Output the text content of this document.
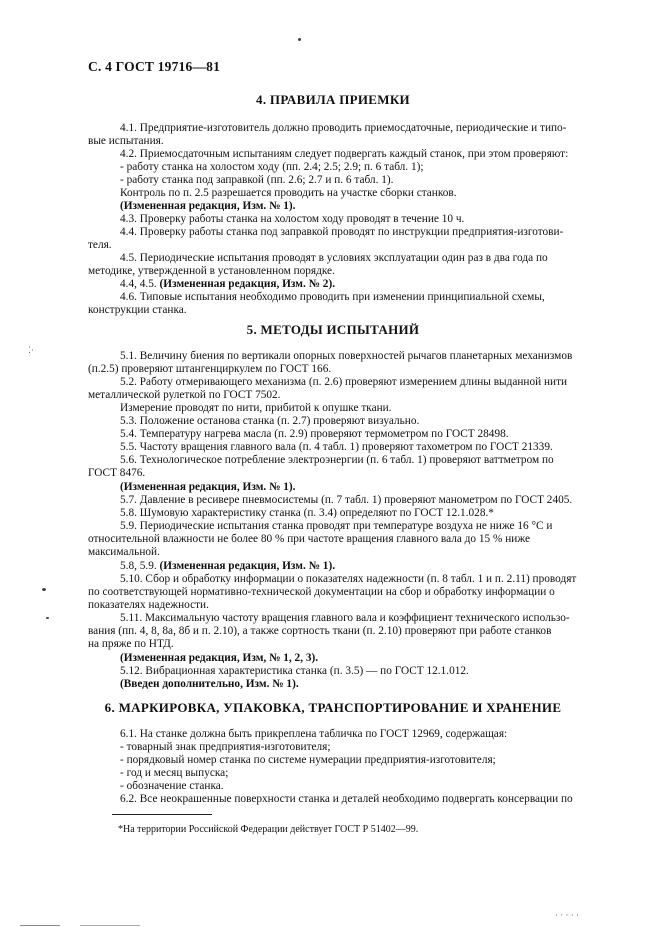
С. 4 ГОСТ 19716—81
4. ПРАВИЛА ПРИЕМКИ
4.1. Предприятие-изготовитель должно проводить приемосдаточные, периодические и типо-
вые испытания.
4.2. Приемосдаточным испытаниям следует подвергать каждый станок, при этом проверяют:
- работу станка на холостом ходу (пп. 2.4; 2.5; 2.9; п. 6 табл. 1);
- работу станка под заправкой (пп. 2.6; 2.7 и п. 6 табл. 1).
Контроль по п. 2.5 разрешается проводить на участке сборки станков.
(Измененная редакция, Изм. № 1).
4.3. Проверку работы станка на холостом ходу проводят в течение 10 ч.
4.4. Проверку работы станка под заправкой проводят по инструкции предприятия-изготови-
теля.
4.5. Периодические испытания проводят в условиях эксплуатации один раз в два года по
методике, утвержденной в установленном порядке.
4.4, 4.5. (Измененная редакция, Изм. № 2).
4.6. Типовые испытания необходимо проводить при изменении принципиальной схемы,
конструкции станка.
5. МЕТОДЫ ИСПЫТАНИЙ
5.1. Величину биения по вертикали опорных поверхностей рычагов планетарных механизмов
(п.2.5) проверяют штангенциркулем по ГОСТ 166.
5.2. Работу отмеривающего механизма (п. 2.6) проверяют измерением длины выданной нити
металлической рулеткой по ГОСТ 7502.
Измерение проводят по нити, прибитой к опушке ткани.
5.3. Положение останова станка (п. 2.7) проверяют визуально.
5.4. Температуру нагрева масла (п. 2.9) проверяют термометром по ГОСТ 28498.
5.5. Частоту вращения главного вала (п. 4 табл. 1) проверяют тахометром по ГОСТ 21339.
5.6. Технологическое потребление электроэнергии (п. 6 табл. 1) проверяют ваттметром по
ГОСТ 8476.
(Измененная редакция, Изм. № 1).
5.7. Давление в ресивере пневмосистемы (п. 7 табл. 1) проверяют манометром по ГОСТ 2405.
5.8. Шумовую характеристику станка (п. 3.4) определяют по ГОСТ 12.1.028.*
5.9. Периодические испытания станка проводят при температуре воздуха не ниже 16 °С и
относительной влажности не более 80 % при частоте вращения главного вала до 15 % ниже
максимальной.
5.8, 5.9. (Измененная редакция, Изм. № 1).
5.10. Сбор и обработку информации о показателях надежности (п. 8 табл. 1 и п. 2.11) проводят
по соответствующей нормативно-технической документации на сбор и обработку информации о
показателях надежности.
5.11. Максимальную частоту вращения главного вала и коэффициент технического использо-
вания (пп. 4, 8, 8а, 8б и п. 2.10), а также сортность ткани (п. 2.10) проверяют при работе станков
на пряже по НТД.
(Измененная редакция, Изм, № 1, 2, 3).
5.12. Вибрационная характеристика станка (п. 3.5) — по ГОСТ 12.1.012.
(Введен дополнительно, Изм. № 1).
6. МАРКИРОВКА, УПАКОВКА, ТРАНСПОРТИРОВАНИЕ И ХРАНЕНИЕ
6.1. На станке должна быть прикреплена табличка по ГОСТ 12969, содержащая:
- товарный знак предприятия-изготовителя;
- порядковый номер станка по системе нумерации предприятия-изготовителя;
- год и месяц выпуска;
- обозначение станка.
6.2. Все неокрашенные поверхности станка и деталей необходимо подвергать консервации по
*На территории Российской Федерации действует ГОСТ Р 51402—99.
⁚·
· · · · ·
